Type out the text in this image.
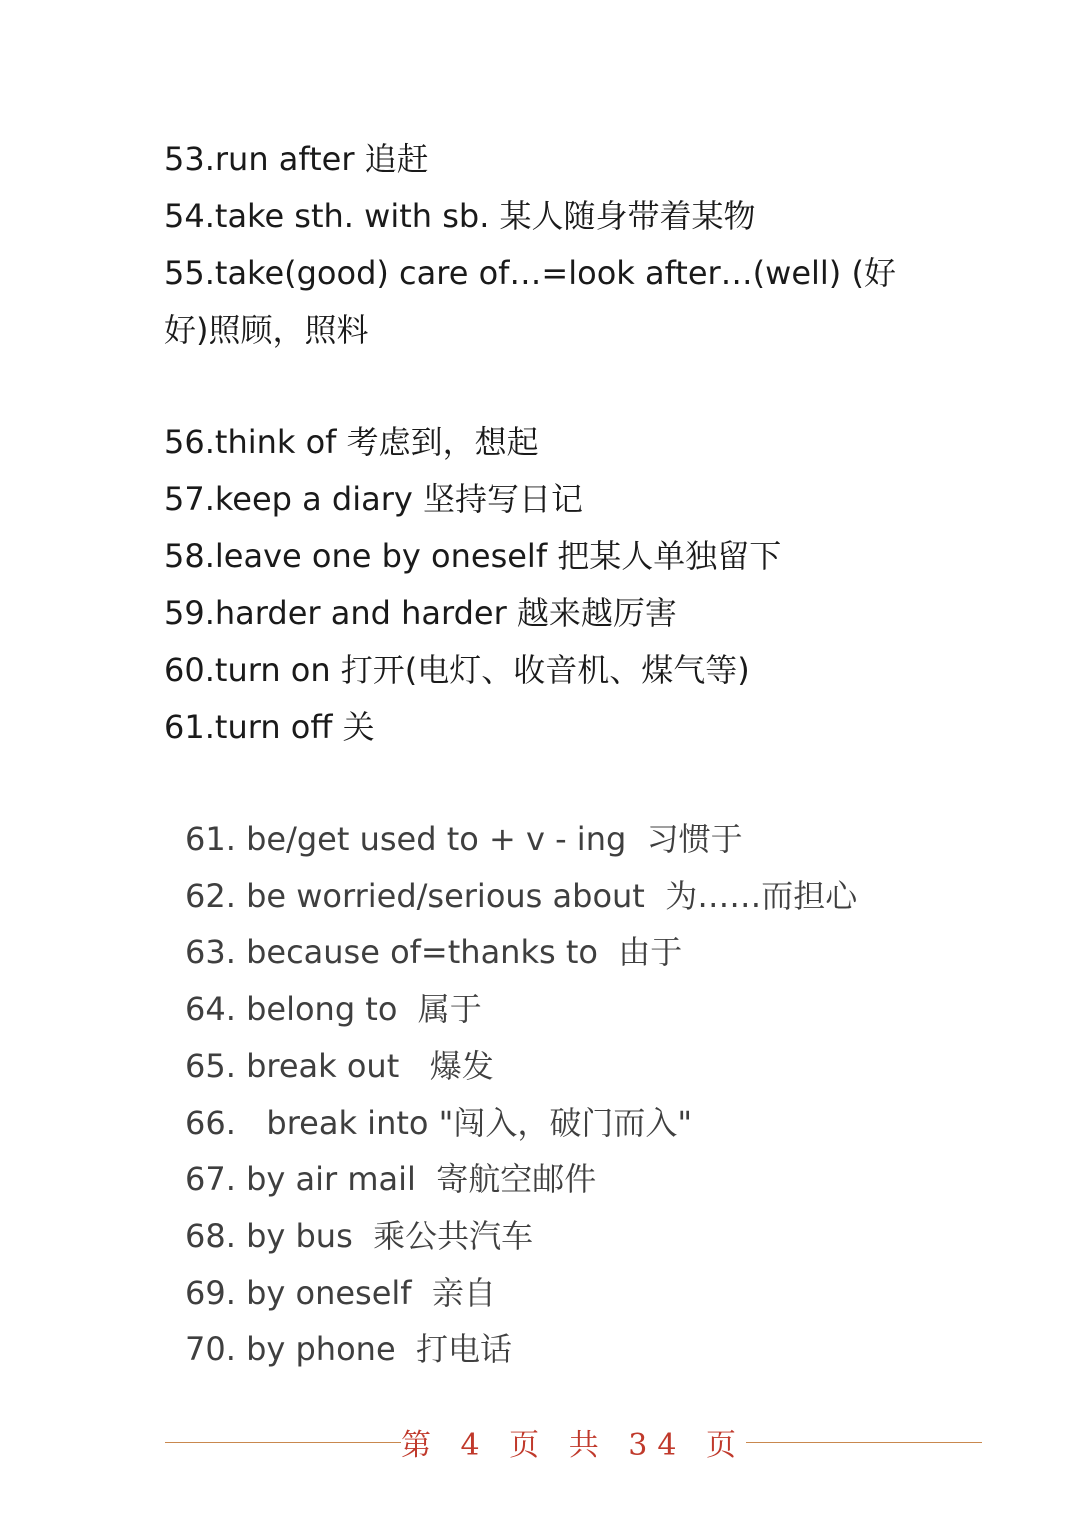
53.run after 追赶
54.take sth. with sb. 某人随身带着某物
55.take(good) care of…=look after…(well) (好好)照顾，照料
56.think of 考虑到，想起
57.keep a diary 坚持写日记
58.leave one by oneself 把某人单独留下
59.harder and harder 越来越厉害
60.turn on 打开(电灯、收音机、煤气等)
61.turn off 关
61. be/get used to + v - ing  习惯于
62. be worried/serious about  为……而担心
63. because of=thanks to  由于
64. belong to  属于
65. break out   爆发
66.   break into "闯入，破门而入"
67. by air mail  寄航空邮件
68. by bus  乘公共汽车
69. by oneself  亲自
70. by phone  打电话
第 4 页 共 34 页
